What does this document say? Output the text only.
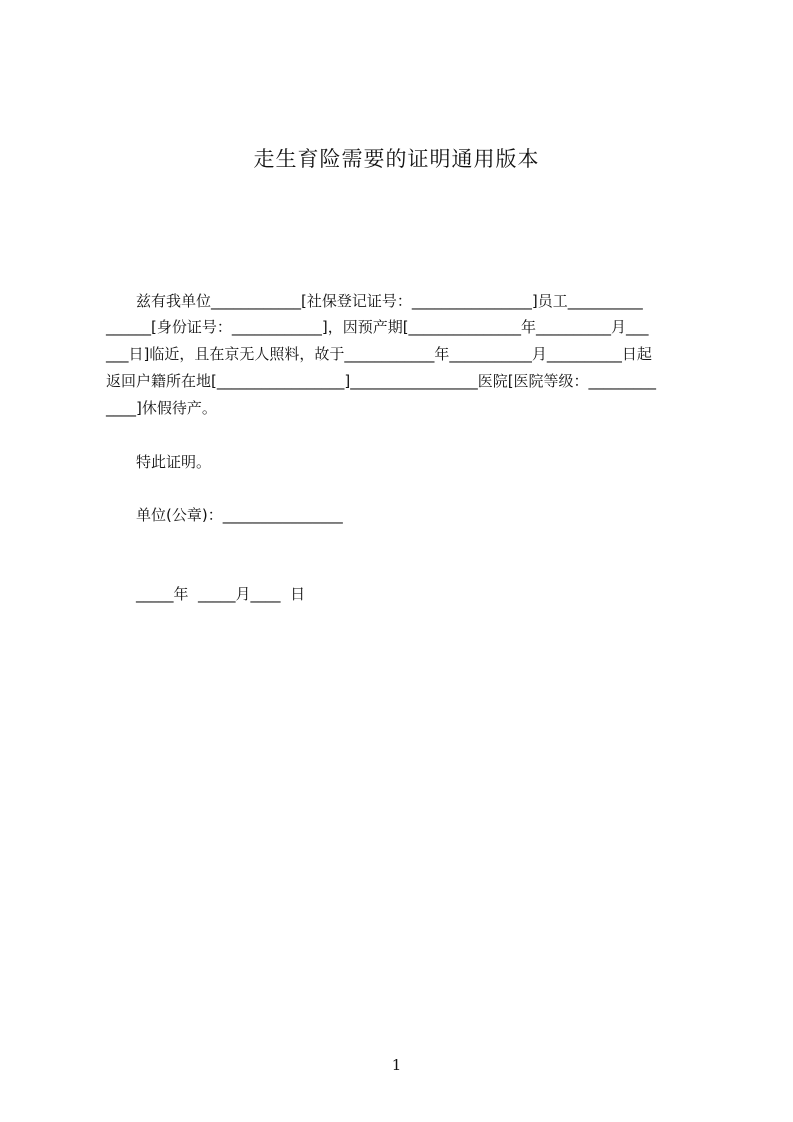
走生育险需要的证明通用版本
兹有我单位____________[社保登记证号：________________]员工__________
______[身份证号：____________]，因预产期[_______________年__________月___
___日]临近，且在京无人照料，故于____________年___________月__________日起
返回户籍所在地[_________________]_________________医院[医院等级：_________
____]休假待产。
特此证明。
单位(公章)：________________
_____年  _____月____  日
1
